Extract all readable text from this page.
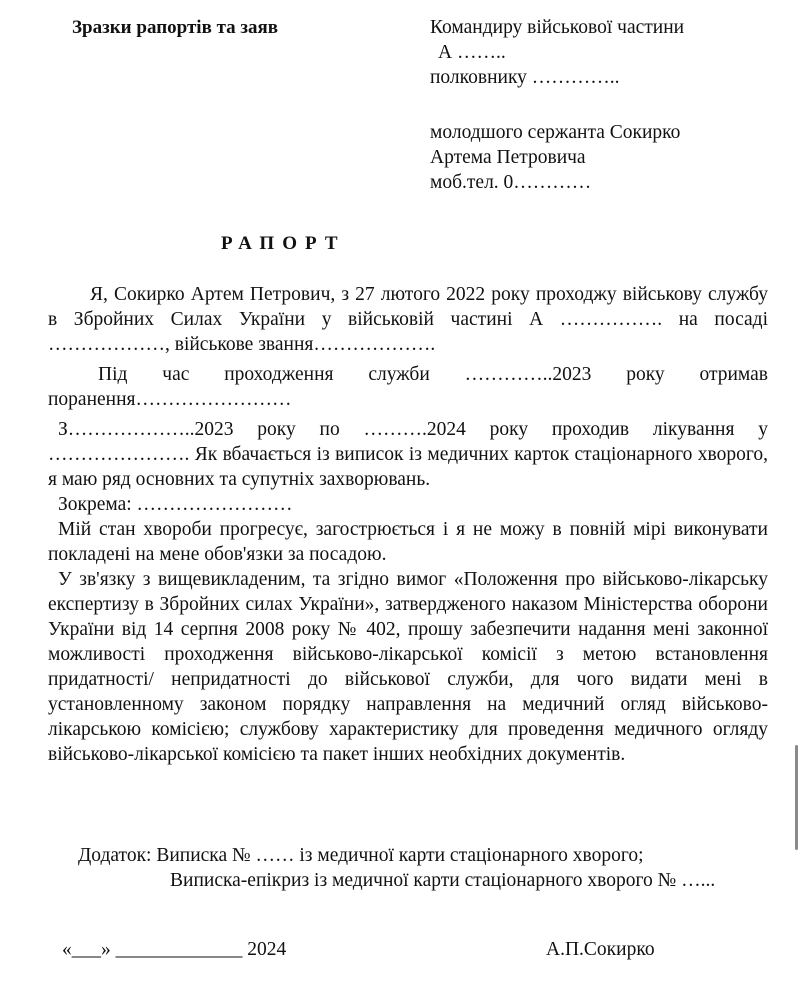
Зразки рапортів та заяв	Командиру військової частини
А ……..
полковнику …………..
молодшого сержанта Сокирко
Артема Петровича
моб.тел. 0…………
РАПОРТ

Я, Сокирко Артем Петрович, з 27 лютого 2022 року проходжу військову службу в Збройних Силах України у військовій частині А ……………. на посаді ………………, військове звання……………….

Під час проходження служби …………..2023 року отримав поранення……………………

З………………..2023 року по ……….2024 року проходив лікування у …………………. Як вбачається із виписок із медичних карток стаціонарного хворого, я маю ряд основних та супутніх захворювань.

Зокрема: ……………………

Мій стан хвороби прогресує, загострюється і я не можу в повній мірі виконувати покладені на мене обов'язки за посадою.

У зв'язку з вищевикладеним, та згідно вимог «Положення про військово-лікарську експертизу в Збройних силах України», затвердженого наказом Міністерства оборони України від 14 серпня 2008 року № 402, прошу забезпечити надання мені законної можливості проходження військово-лікарської комісії з метою встановлення придатності/ непридатності до військової служби, для чого видати мені в установленному законом порядку направлення на медичний огляд військово-лікарською комісією; службову характеристику для проведення медичного огляду військово-лікарської комісією та пакет інших необхідних документів.

Додаток: Виписка № …… із медичної карти стаціонарного хворого;

Виписка-епікриз із медичної карти стаціонарного хворого № …...

«___» _____________ 2024	А.П.Сокирко
